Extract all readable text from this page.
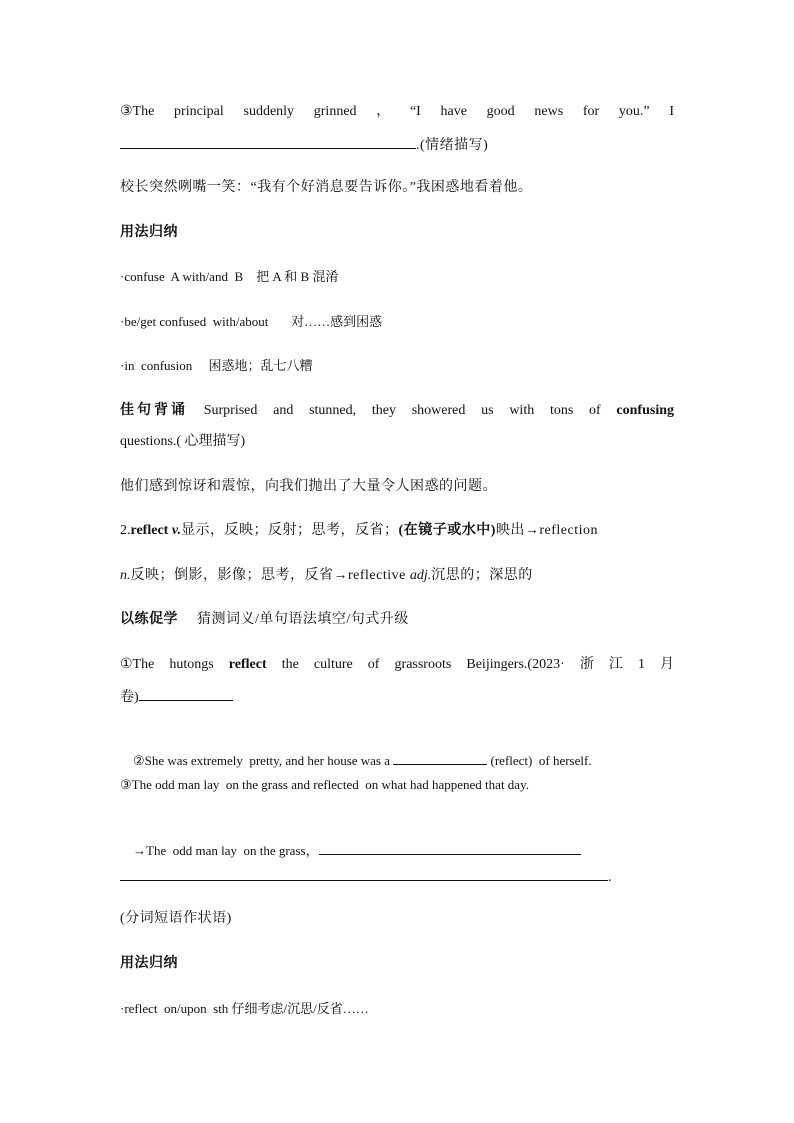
③The principal suddenly grinned ， “I have good news for you.” I
.(情绪描写)
校长突然咧嘴一笑：“我有个好消息要告诉你。”我困惑地看着他。
用法归纳
·confuse  A with/and  B    把 A 和 B 混淆
·be/get confused  with/about       对……感到困惑
·in  confusion     困惑地；乱七八糟
佳句背诵 Surprised and stunned, they showered us with tons of confusing
questions.( 心理描写)
他们感到惊讶和震惊，向我们抛出了大量令人困惑的问题。
2.reflect v.显示，反映；反射；思考，反省；(在镜子或水中)映出→reflection
n.反映；倒影，影像；思考，反省→reflective adj.沉思的；深思的
以练促学 猜测词义/单句语法填空/句式升级
①The hutongs reflect the culture of grassroots Beijingers.(2023· 浙 江 1 月
卷)

②She was extremely  pretty, and her house was a	(reflect)  of herself.

③The odd man lay  on the grass and reflected  on what had happened that day.

→The  odd man lay  on the grass，

.
(分词短语作状语)
用法归纳
·reflect  on/upon  sth 仔细考虑/沉思/反省……
